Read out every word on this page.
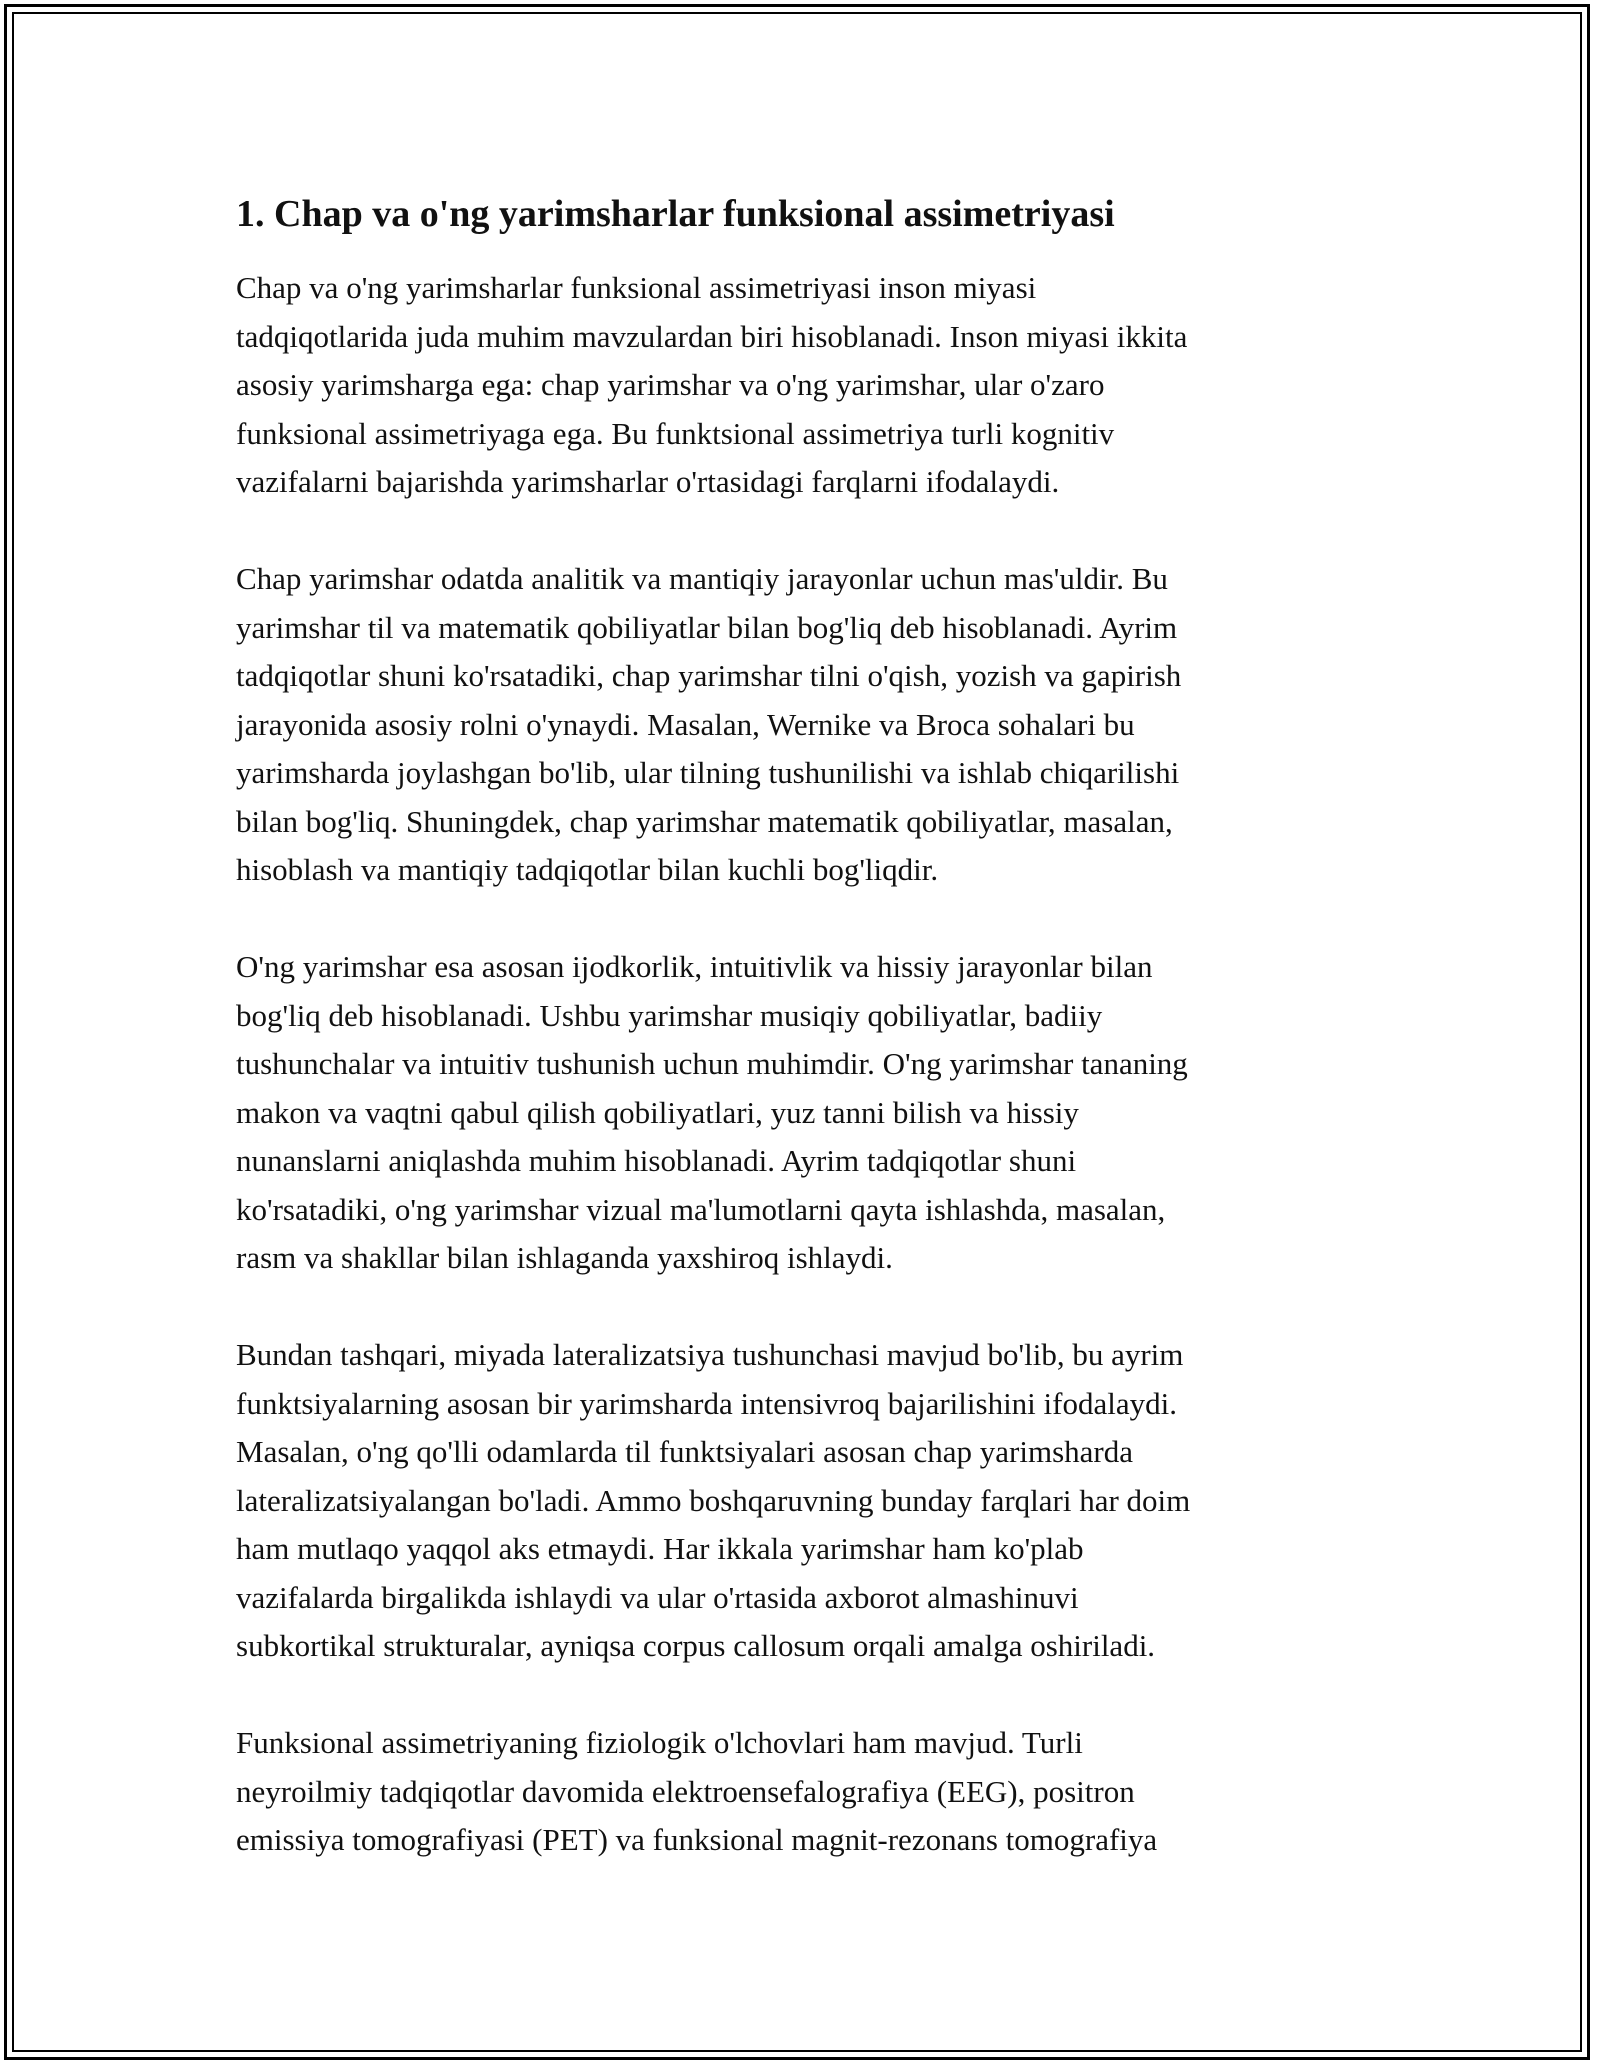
1. Chap va o'ng yarimsharlar funksional assimetriyasi

Chap va o'ng yarimsharlar funksional assimetriyasi inson miyasi
tadqiqotlarida juda muhim mavzulardan biri hisoblanadi. Inson miyasi ikkita
asosiy yarimsharga ega: chap yarimshar va o'ng yarimshar, ular o'zaro
funksional assimetriyaga ega. Bu funktsional assimetriya turli kognitiv
vazifalarni bajarishda yarimsharlar o'rtasidagi farqlarni ifodalaydi.

Chap yarimshar odatda analitik va mantiqiy jarayonlar uchun mas'uldir. Bu
yarimshar til va matematik qobiliyatlar bilan bog'liq deb hisoblanadi. Ayrim
tadqiqotlar shuni ko'rsatadiki, chap yarimshar tilni o'qish, yozish va gapirish
jarayonida asosiy rolni o'ynaydi. Masalan, Wernike va Broca sohalari bu
yarimsharda joylashgan bo'lib, ular tilning tushunilishi va ishlab chiqarilishi
bilan bog'liq. Shuningdek, chap yarimshar matematik qobiliyatlar, masalan,
hisoblash va mantiqiy tadqiqotlar bilan kuchli bog'liqdir.

O'ng yarimshar esa asosan ijodkorlik, intuitivlik va hissiy jarayonlar bilan
bog'liq deb hisoblanadi. Ushbu yarimshar musiqiy qobiliyatlar, badiiy
tushunchalar va intuitiv tushunish uchun muhimdir. O'ng yarimshar tananing
makon va vaqtni qabul qilish qobiliyatlari, yuz tanni bilish va hissiy
nunanslarni aniqlashda muhim hisoblanadi. Ayrim tadqiqotlar shuni
ko'rsatadiki, o'ng yarimshar vizual ma'lumotlarni qayta ishlashda, masalan,
rasm va shakllar bilan ishlaganda yaxshiroq ishlaydi.

Bundan tashqari, miyada lateralizatsiya tushunchasi mavjud bo'lib, bu ayrim
funktsiyalarning asosan bir yarimsharda intensivroq bajarilishini ifodalaydi.
Masalan, o'ng qo'lli odamlarda til funktsiyalari asosan chap yarimsharda
lateralizatsiyalangan bo'ladi. Ammo boshqaruvning bunday farqlari har doim
ham mutlaqo yaqqol aks etmaydi. Har ikkala yarimshar ham ko'plab
vazifalarda birgalikda ishlaydi va ular o'rtasida axborot almashinuvi
subkortikal strukturalar, ayniqsa corpus callosum orqali amalga oshiriladi.

Funksional assimetriyaning fiziologik o'lchovlari ham mavjud. Turli
neyroilmiy tadqiqotlar davomida elektroensefalografiya (EEG), positron
emissiya tomografiyasi (PET) va funksional magnit-rezonans tomografiya
